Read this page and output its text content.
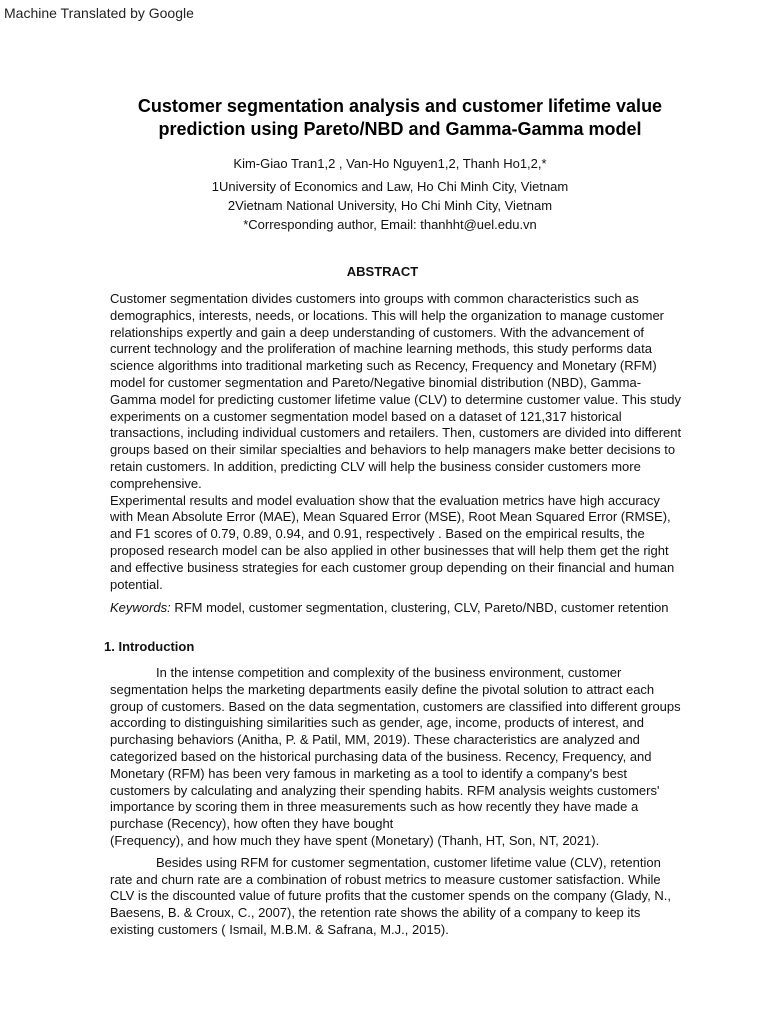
Machine Translated by Google
Customer segmentation analysis and customer lifetime value
prediction using Pareto/NBD and Gamma-Gamma model
Kim-Giao Tran1,2 , Van-Ho Nguyen1,2, Thanh Ho1,2,*
1University of Economics and Law, Ho Chi Minh City, Vietnam
2Vietnam National University, Ho Chi Minh City, Vietnam
*Corresponding author, Email: thanhht@uel.edu.vn
ABSTRACT

Customer segmentation divides customers into groups with common characteristics such as demographics, interests, needs, or locations. This will help the organization to manage customer relationships expertly and gain a deep understanding of customers. With the advancement of current technology and the proliferation of machine learning methods, this study performs data science algorithms into traditional marketing such as Recency, Frequency and Monetary (RFM) model for customer segmentation and Pareto/Negative binomial distribution (NBD), Gamma-Gamma model for predicting customer lifetime value (CLV) to determine customer value. This study experiments on a customer segmentation model based on a dataset of 121,317 historical transactions, including individual customers and retailers. Then, customers are divided into different groups based on their similar specialties and behaviors to help managers make better decisions to retain customers. In addition, predicting CLV will help the business consider customers more comprehensive.

Experimental results and model evaluation show that the evaluation metrics have high accuracy with Mean Absolute Error (MAE), Mean Squared Error (MSE), Root Mean Squared Error (RMSE), and F1 scores of 0.79, 0.89, 0.94, and 0.91, respectively . Based on the empirical results, the proposed research model can be also applied in other businesses that will help them get the right and effective business strategies for each customer group depending on their financial and human potential.

Keywords: RFM model, customer segmentation, clustering, CLV, Pareto/NBD, customer retention
1. Introduction

In the intense competition and complexity of the business environment, customer segmentation helps the marketing departments easily define the pivotal solution to attract each group of customers. Based on the data segmentation, customers are classified into different groups according to distinguishing similarities such as gender, age, income, products of interest, and purchasing behaviors (Anitha, P. & Patil, MM, 2019). These characteristics are analyzed and categorized based on the historical purchasing data of the business. Recency, Frequency, and Monetary (RFM) has been very famous in marketing as a tool to identify a company's best customers by calculating and analyzing their spending habits. RFM analysis weights customers' importance by scoring them in three measurements such as how recently they have made a purchase (Recency), how often they have bought

(Frequency), and how much they have spent (Monetary) (Thanh, HT, Son, NT, 2021).

Besides using RFM for customer segmentation, customer lifetime value (CLV), retention rate and churn rate are a combination of robust metrics to measure customer satisfaction. While CLV is the discounted value of future profits that the customer spends on the company (Glady, N., Baesens, B. & Croux, C., 2007), the retention rate shows the ability of a company to keep its existing customers ( Ismail, M.B.M. & Safrana, M.J., 2015).
